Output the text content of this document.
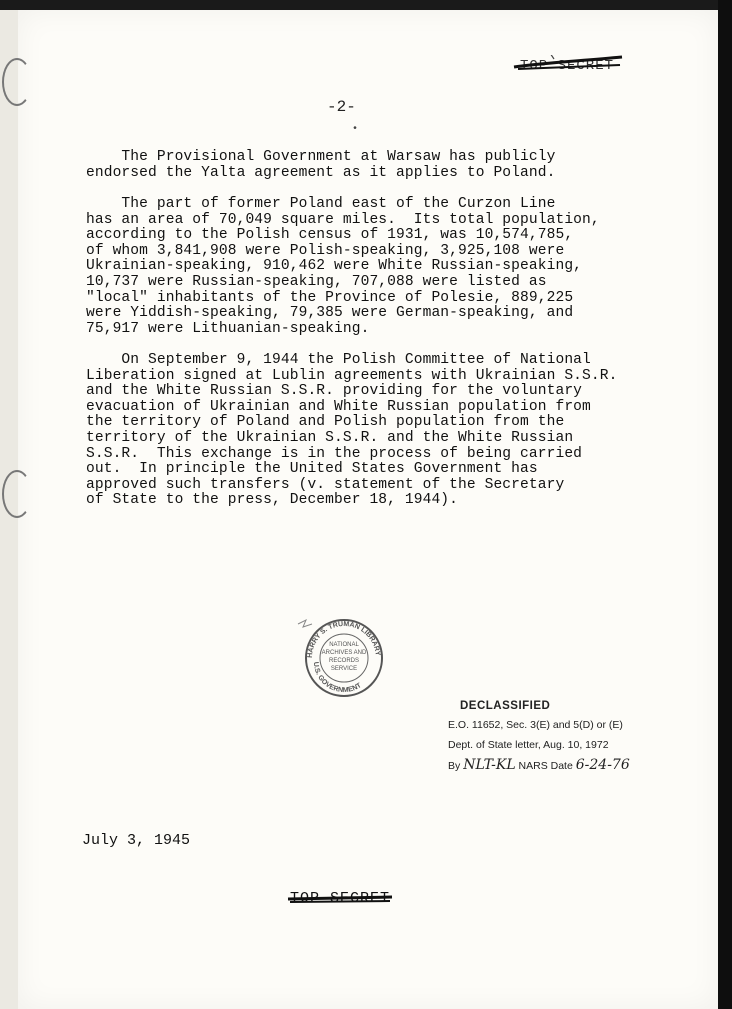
TOP SECRET
-2-
•
The Provisional Government at Warsaw has publicly
endorsed the Yalta agreement as it applies to Poland.
The part of former Poland east of the Curzon Line
has an area of 70,049 square miles.  Its total population,
according to the Polish census of 1931, was 10,574,785,
of whom 3,841,908 were Polish-speaking, 3,925,108 were
Ukrainian-speaking, 910,462 were White Russian-speaking,
10,737 were Russian-speaking, 707,088 were listed as
"local" inhabitants of the Province of Polesie, 889,225
were Yiddish-speaking, 79,385 were German-speaking, and
75,917 were Lithuanian-speaking.
On September 9, 1944 the Polish Committee of National
Liberation signed at Lublin agreements with Ukrainian S.S.R.
and the White Russian S.S.R. providing for the voluntary
evacuation of Ukrainian and White Russian population from
the territory of Poland and Polish population from the
territory of the Ukrainian S.S.R. and the White Russian
S.S.R.  This exchange is in the process of being carried
out.  In principle the United States Government has
approved such transfers (v. statement of the Secretary
of State to the press, December 18, 1944).
HARRY S. TRUMAN LIBRARY
U.S. GOVERNMENT
NATIONAL
ARCHIVES AND
RECORDS
SERVICE
DECLASSIFIED
E.O. 11652, Sec. 3(E) and 5(D) or (E)
Dept. of State letter, Aug. 10, 1972
By NLT-KL NARS Date 6-24-76
July 3, 1945
TOP SECRET
